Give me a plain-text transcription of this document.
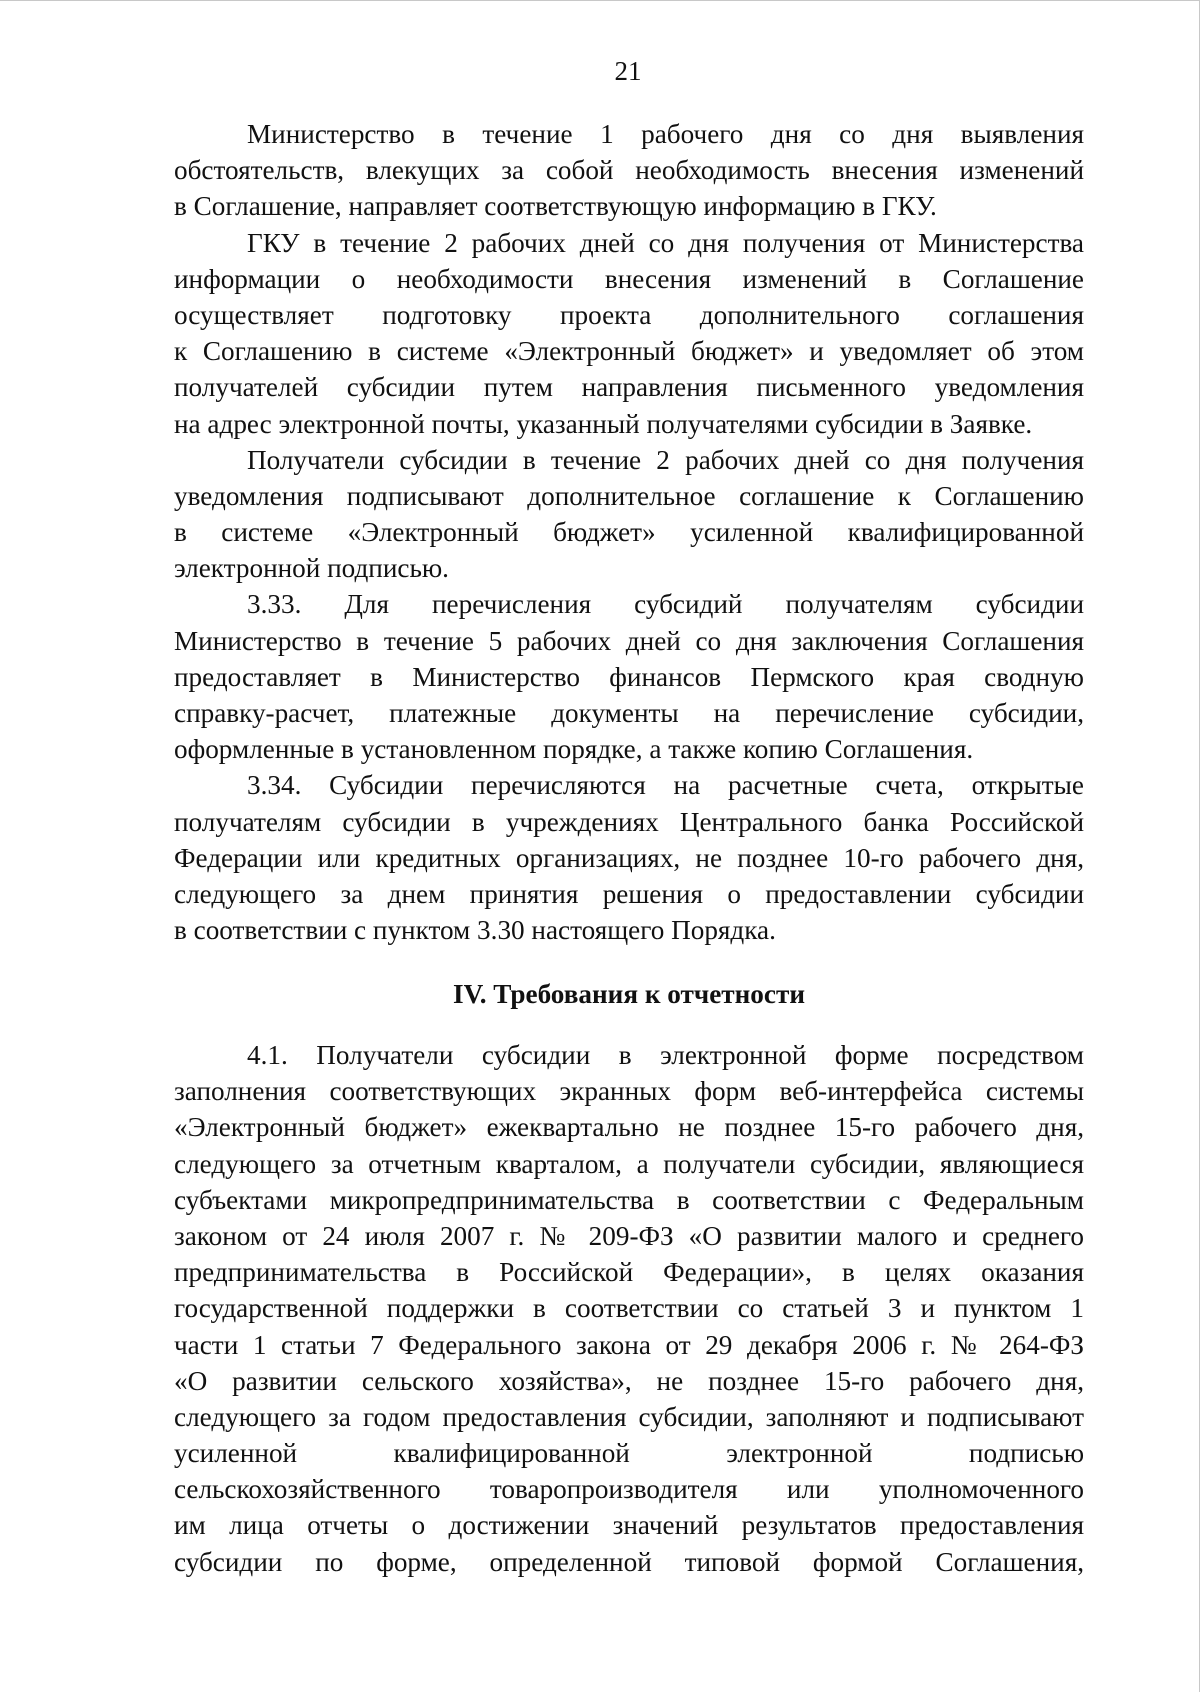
21
Министерство в течение 1 рабочего дня со дня выявления
обстоятельств, влекущих за собой необходимость внесения изменений
в Соглашение, направляет соответствующую информацию в ГКУ.
ГКУ в течение 2 рабочих дней со дня получения от Министерства
информации о необходимости внесения изменений в Соглашение
осуществляет подготовку проекта дополнительного соглашения
к Соглашению в системе «Электронный бюджет» и уведомляет об этом
получателей субсидии путем направления письменного уведомления
на адрес электронной почты, указанный получателями субсидии в Заявке.
Получатели субсидии в течение 2 рабочих дней со дня получения
уведомления подписывают дополнительное соглашение к Соглашению
в системе «Электронный бюджет» усиленной квалифицированной
электронной подписью.
3.33. Для перечисления субсидий получателям субсидии
Министерство в течение 5 рабочих дней со дня заключения Соглашения
предоставляет в Министерство финансов Пермского края сводную
справку-расчет, платежные документы на перечисление субсидии,
оформленные в установленном порядке, а также копию Соглашения.
3.34. Субсидии перечисляются на расчетные счета, открытые
получателям субсидии в учреждениях Центрального банка Российской
Федерации или кредитных организациях, не позднее 10-го рабочего дня,
следующего за днем принятия решения о предоставлении субсидии
в соответствии с пунктом 3.30 настоящего Порядка.
IV. Требования к отчетности
4.1. Получатели субсидии в электронной форме посредством
заполнения соответствующих экранных форм веб-интерфейса системы
«Электронный бюджет» ежеквартально не позднее 15-го рабочего дня,
следующего за отчетным кварталом, а получатели субсидии, являющиеся
субъектами микропредпринимательства в соответствии с Федеральным
законом от 24 июля 2007 г. № 209-ФЗ «О развитии малого и среднего
предпринимательства в Российской Федерации», в целях оказания
государственной поддержки в соответствии со статьей 3 и пунктом 1
части 1 статьи 7 Федерального закона от 29 декабря 2006 г. № 264-ФЗ
«О развитии сельского хозяйства», не позднее 15-го рабочего дня,
следующего за годом предоставления субсидии, заполняют и подписывают
усиленной квалифицированной электронной подписью
сельскохозяйственного товаропроизводителя или уполномоченного
им лица отчеты о достижении значений результатов предоставления
субсидии по форме, определенной типовой формой Соглашения,
